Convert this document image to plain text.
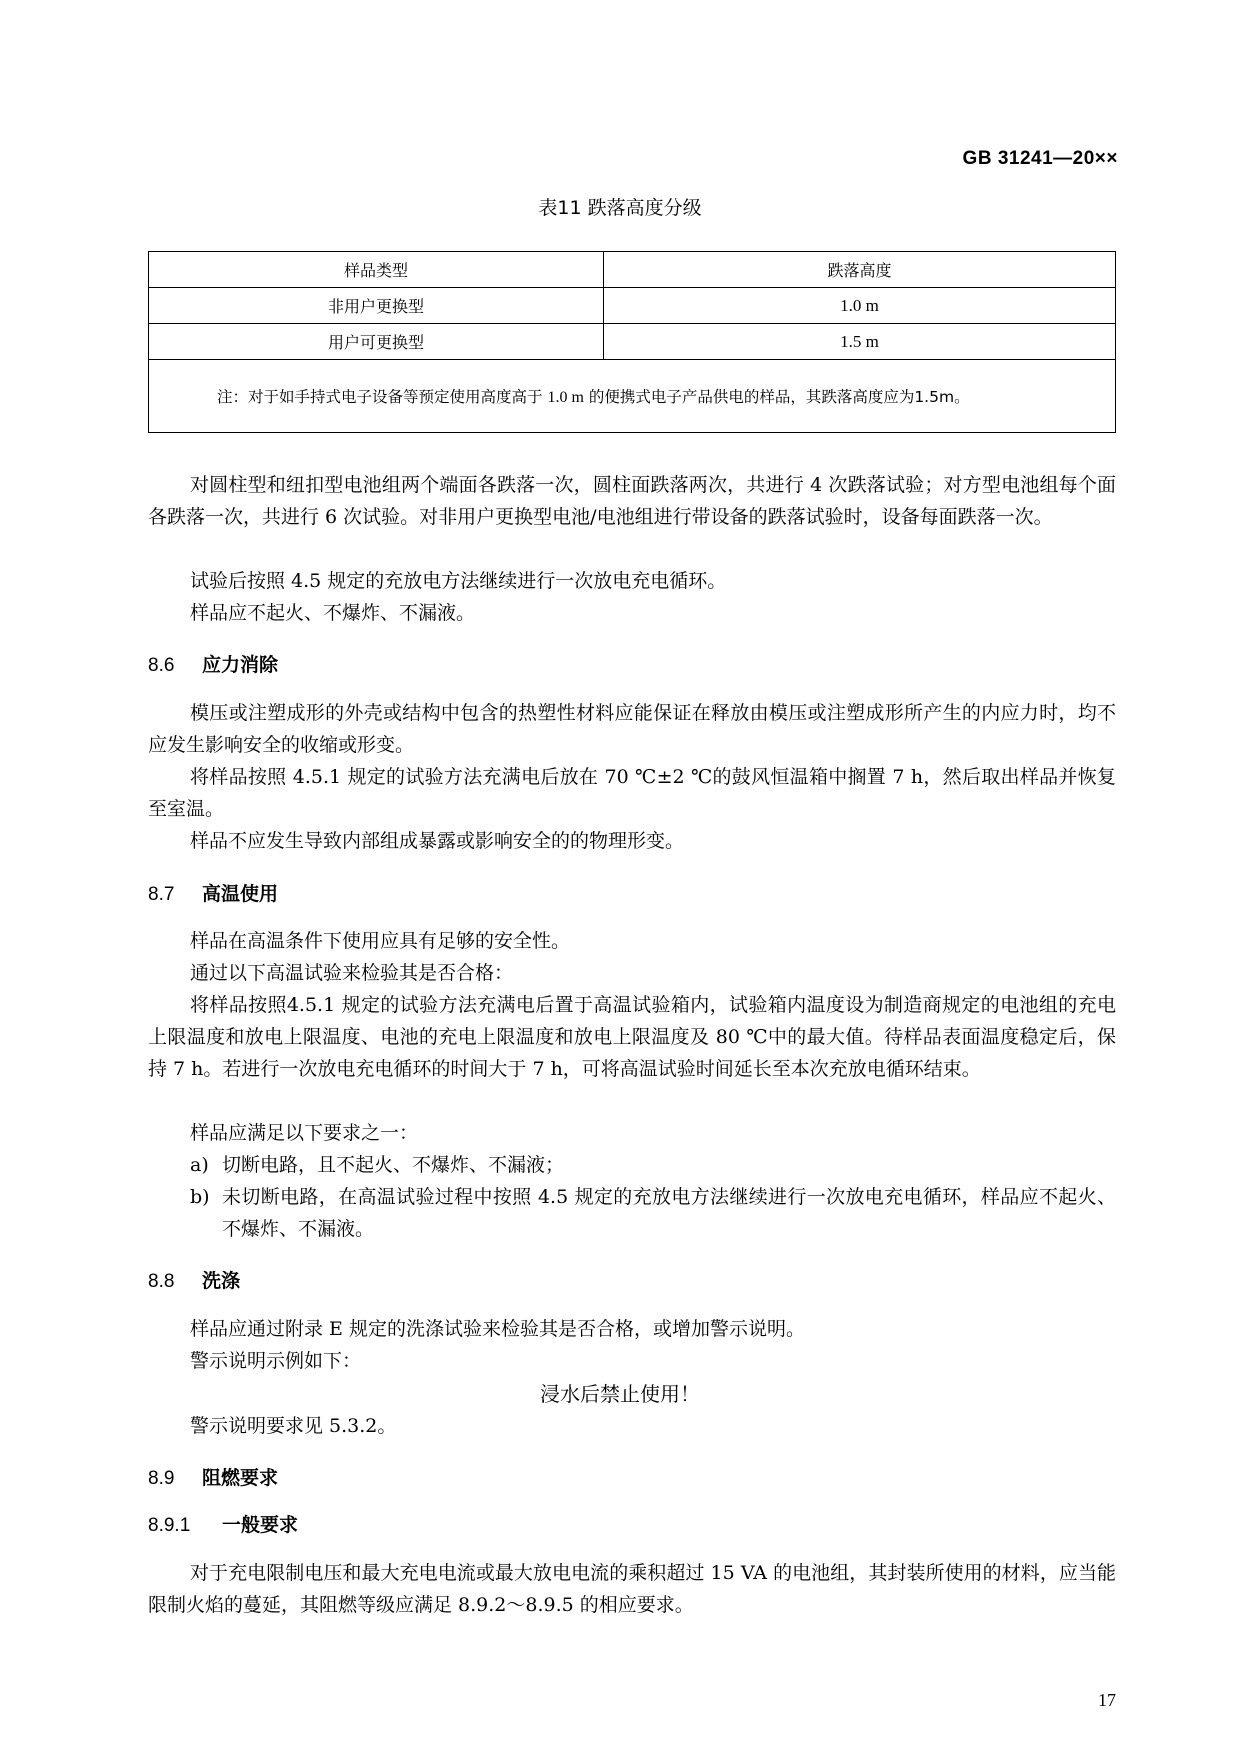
GB 31241—20××
表11 跌落高度分级
样品类型	跌落高度
非用户更换型	1.0 m
用户可更换型	1.5 m
注：对于如手持式电子设备等预定使用高度高于 1.0 m 的便携式电子产品供电的样品，其跌落高度应为1.5m。	
对圆柱型和纽扣型电池组两个端面各跌落一次，圆柱面跌落两次，共进行 4 次跌落试验；对方型电池组每个面各跌落一次，共进行 6 次试验。对非用户更换型电池/电池组进行带设备的跌落试验时，设备每面跌落一次。
试验后按照 4.5 规定的充放电方法继续进行一次放电充电循环。
样品应不起火、不爆炸、不漏液。
8.6 应力消除
模压或注塑成形的外壳或结构中包含的热塑性材料应能保证在释放由模压或注塑成形所产生的内应力时，均不应发生影响安全的收缩或形变。
将样品按照 4.5.1 规定的试验方法充满电后放在 70 ℃±2 ℃的鼓风恒温箱中搁置 7 h，然后取出样品并恢复至室温。
样品不应发生导致内部组成暴露或影响安全的的物理形变。
8.7 高温使用
样品在高温条件下使用应具有足够的安全性。
通过以下高温试验来检验其是否合格：
将样品按照4.5.1 规定的试验方法充满电后置于高温试验箱内，试验箱内温度设为制造商规定的电池组的充电上限温度和放电上限温度、电池的充电上限温度和放电上限温度及 80 ℃中的最大值。待样品表面温度稳定后，保持 7 h。若进行一次放电充电循环的时间大于 7 h，可将高温试验时间延长至本次充放电循环结束。
样品应满足以下要求之一：
a) 切断电路，且不起火、不爆炸、不漏液；
b) 未切断电路，在高温试验过程中按照 4.5 规定的充放电方法继续进行一次放电充电循环，样品应不起火、不爆炸、不漏液。
8.8 洗涤
样品应通过附录 E 规定的洗涤试验来检验其是否合格，或增加警示说明。
警示说明示例如下：
浸水后禁止使用！
警示说明要求见 5.3.2。
8.9 阻燃要求
8.9.1 一般要求
对于充电限制电压和最大充电电流或最大放电电流的乘积超过 15 VA 的电池组，其封装所使用的材料，应当能限制火焰的蔓延，其阻燃等级应满足 8.9.2～8.9.5 的相应要求。
17
